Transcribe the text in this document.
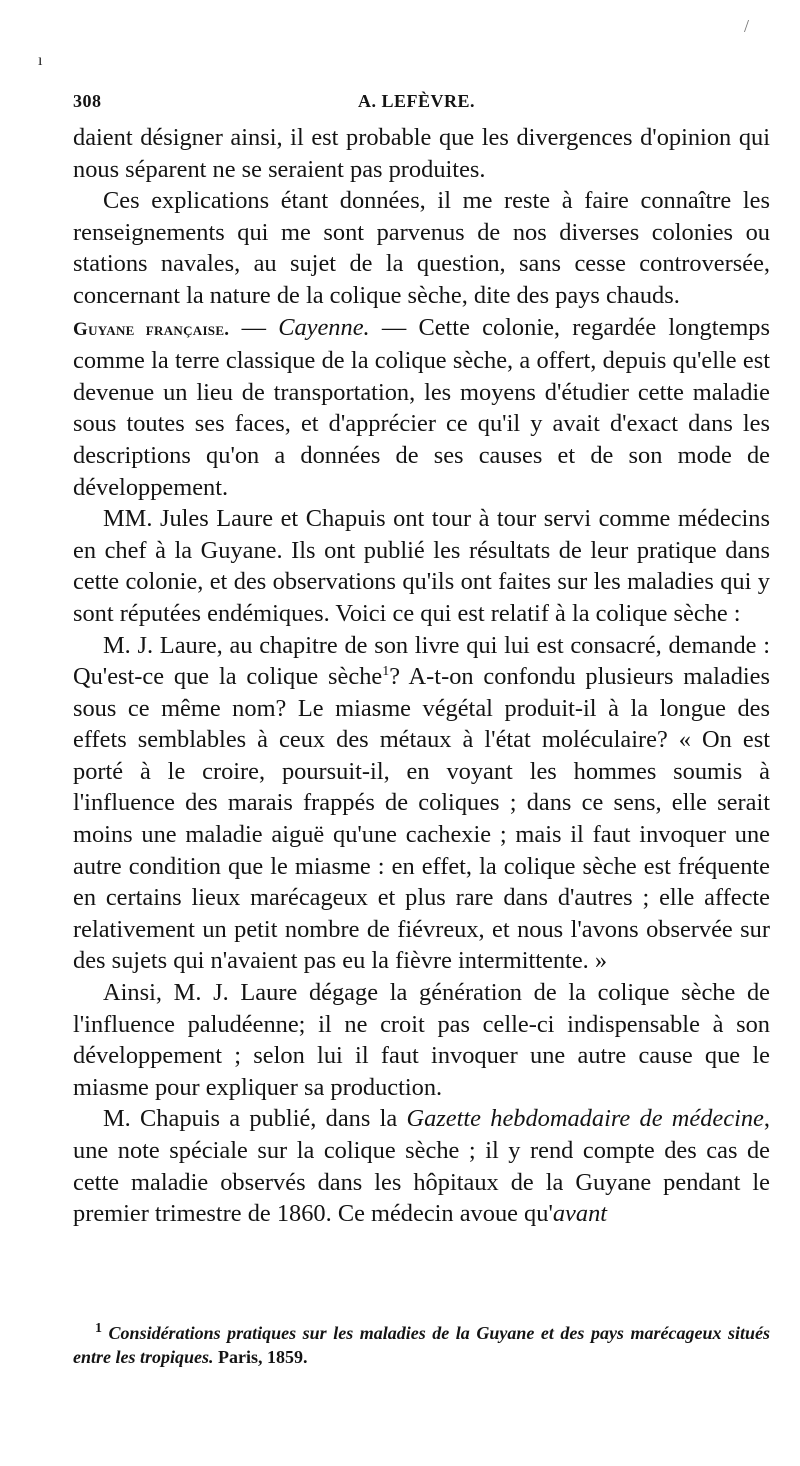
/
ı
308	A. LEFÈVRE.

daient désigner ainsi, il est probable que les divergences d'opinion qui nous séparent ne se seraient pas produites.

Ces explications étant données, il me reste à faire connaître les renseignements qui me sont parvenus de nos diverses colonies ou stations navales, au sujet de la question, sans cesse controversée, concernant la nature de la colique sèche, dite des pays chauds.

Guyane française. — Cayenne. — Cette colonie, regardée longtemps comme la terre classique de la colique sèche, a offert, depuis qu'elle est devenue un lieu de transportation, les moyens d'étudier cette maladie sous toutes ses faces, et d'apprécier ce qu'il y avait d'exact dans les descriptions qu'on a données de ses causes et de son mode de développement.

MM. Jules Laure et Chapuis ont tour à tour servi comme médecins en chef à la Guyane. Ils ont publié les résultats de leur pratique dans cette colonie, et des observations qu'ils ont faites sur les maladies qui y sont réputées endémiques. Voici ce qui est relatif à la colique sèche :

M. J. Laure, au chapitre de son livre qui lui est consacré, demande : Qu'est-ce que la colique sèche$^1$? A-t-on confondu plusieurs maladies sous ce même nom? Le miasme végétal produit-il à la longue des effets semblables à ceux des métaux à l'état moléculaire? « On est porté à le croire, poursuit-il, en voyant les hommes soumis à l'influence des marais frappés de coliques ; dans ce sens, elle serait moins une maladie aiguë qu'une cachexie ; mais il faut invoquer une autre condition que le miasme : en effet, la colique sèche est fréquente en certains lieux marécageux et plus rare dans d'autres ; elle affecte relativement un petit nombre de fiévreux, et nous l'avons observée sur des sujets qui n'avaient pas eu la fièvre intermittente. »

Ainsi, M. J. Laure dégage la génération de la colique sèche de l'influence paludéenne; il ne croit pas celle-ci indispensable à son développement ; selon lui il faut invoquer une autre cause que le miasme pour expliquer sa production.

M. Chapuis a publié, dans la Gazette hebdomadaire de médecine, une note spéciale sur la colique sèche ; il y rend compte des cas de cette maladie observés dans les hôpitaux de la Guyane pendant le premier trimestre de 1860. Ce médecin avoue qu'avant

$^1$ Considérations pratiques sur les maladies de la Guyane et des pays marécageux situés entre les tropiques. Paris, 1859.
